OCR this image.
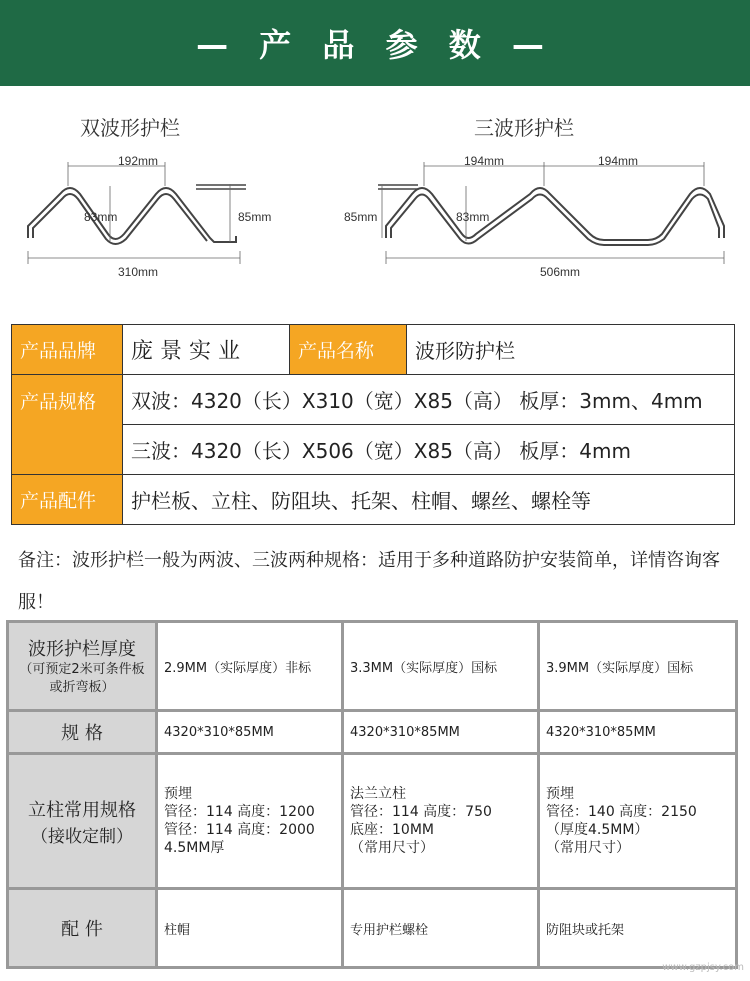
— 产 品 参 数 —
双波形护栏	三波形护栏
192mm
83mm	85mm
310mm
194mm	194mm
85mm	83mm
506mm
产品品牌	庞 景 实 业	产品名称	波形防护栏
产品规格	双波：4320（长）X310（宽）X85（高） 板厚：3mm、4mm		
	三波：4320（长）X506（宽）X85（高） 板厚：4mm		
产品配件	护栏板、立柱、防阻块、托架、柱帽、螺丝、螺栓等		
备注：波形护栏一般为两波、三波两种规格：适用于多种道路防护安装简单，详情咨询客服！
波形护栏厚度
（可预定2米可条件板或折弯板）	2.9MM（实际厚度）非标	3.3MM（实际厚度）国标	3.9MM（实际厚度）国标
规 格	4320*310*85MM	4320*310*85MM	4320*310*85MM

立柱常用规格
（接收定制）	预埋
管径：114 高度：1200
管径：114 高度：2000
4.5MM厚	法兰立柱
管径：114 高度：750
底座：10MM
（常用尺寸）	预埋
管径：140 高度：2150
（厚度4.5MM）
（常用尺寸）

配 件	柱帽	专用护栏螺栓	防阻块或托架
www.gzpjsy.com
